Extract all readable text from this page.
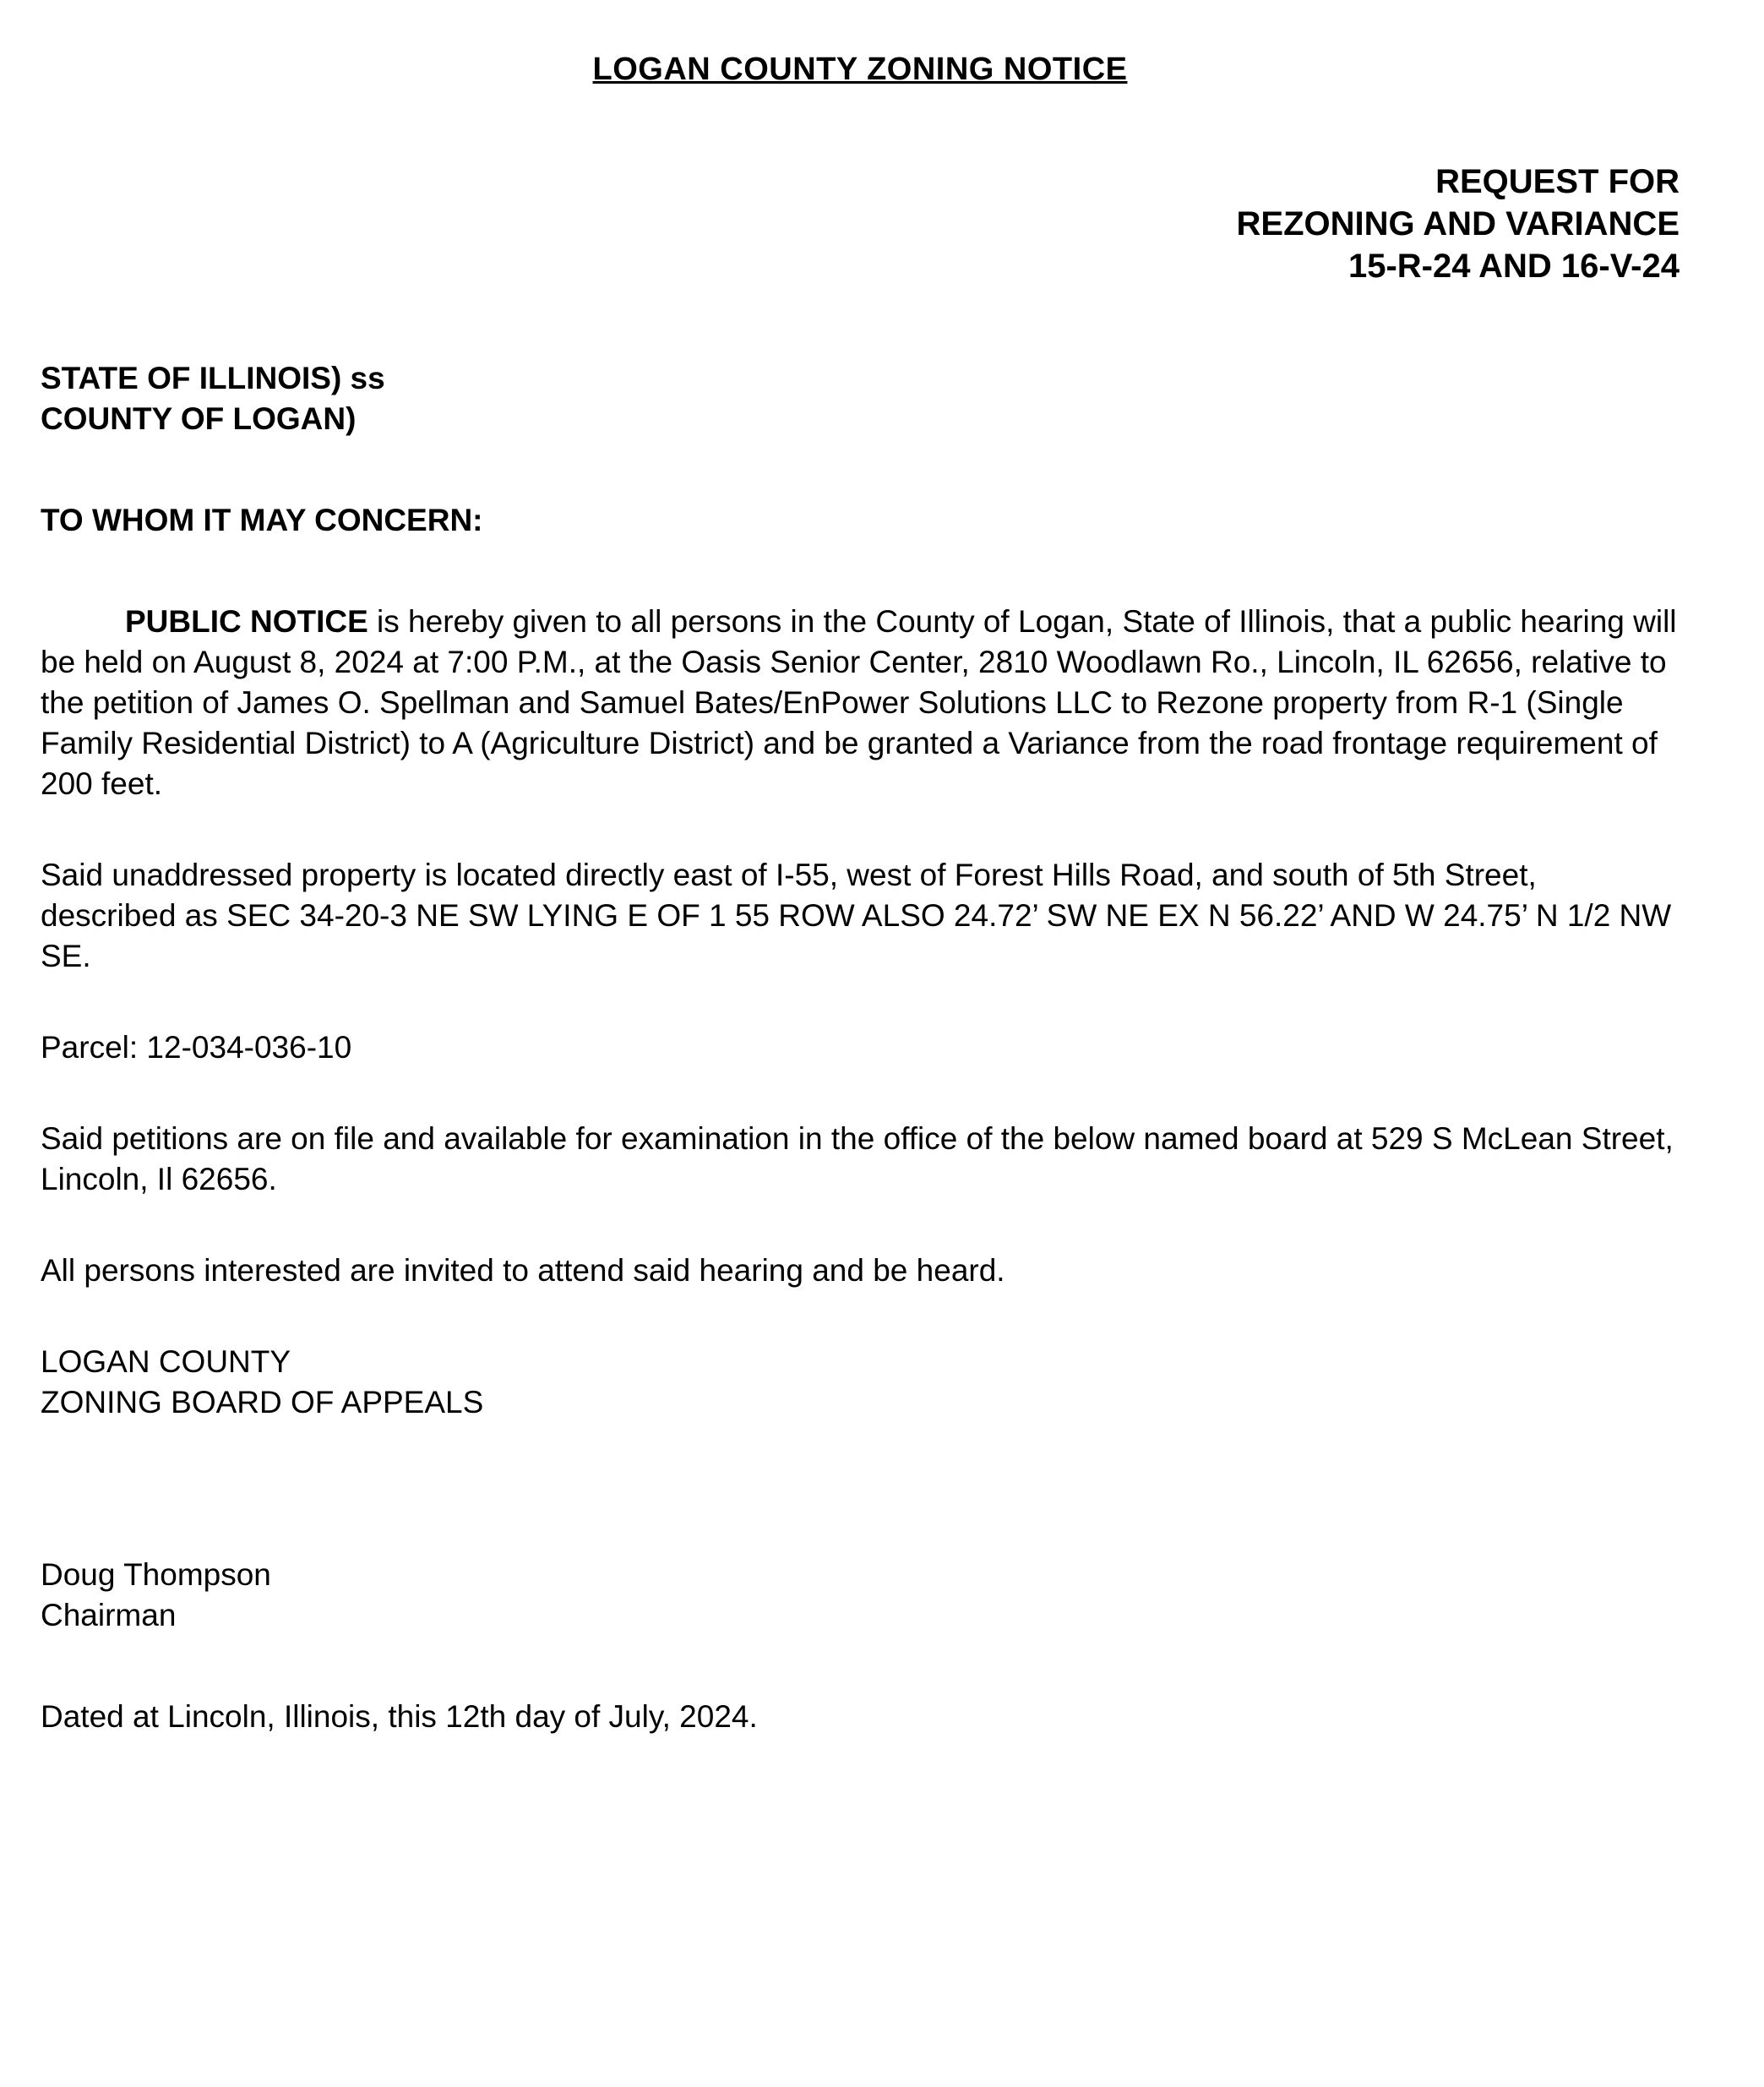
LOGAN COUNTY ZONING NOTICE
REQUEST FOR
REZONING AND VARIANCE
15-R-24 AND 16-V-24
STATE OF ILLINOIS) ss
COUNTY OF LOGAN)
TO WHOM IT MAY CONCERN:

PUBLIC NOTICE is hereby given to all persons in the County of Logan, State of Illinois, that a public hearing will be held on August 8, 2024 at 7:00 P.M., at the Oasis Senior Center, 2810 Woodlawn Ro., Lincoln, IL 62656, relative to the petition of James O. Spellman and Samuel Bates/EnPower Solutions LLC to Rezone property from R-1 (Single Family Residential District) to A (Agriculture District) and be granted a Variance from the road frontage requirement of 200 feet.

Said unaddressed property is located directly east of I-55, west of Forest Hills Road, and south of 5th Street, described as SEC 34-20-3 NE SW LYING E OF 1 55 ROW ALSO 24.72’ SW NE EX N 56.22’ AND W 24.75’ N 1/2 NW SE.

Parcel: 12-034-036-10

Said petitions are on file and available for examination in the office of the below named board at 529 S McLean Street, Lincoln, Il 62656.

All persons interested are invited to attend said hearing and be heard.

LOGAN COUNTY
ZONING BOARD OF APPEALS
Doug Thompson
Chairman
Dated at Lincoln, Illinois, this 12th day of July, 2024.
